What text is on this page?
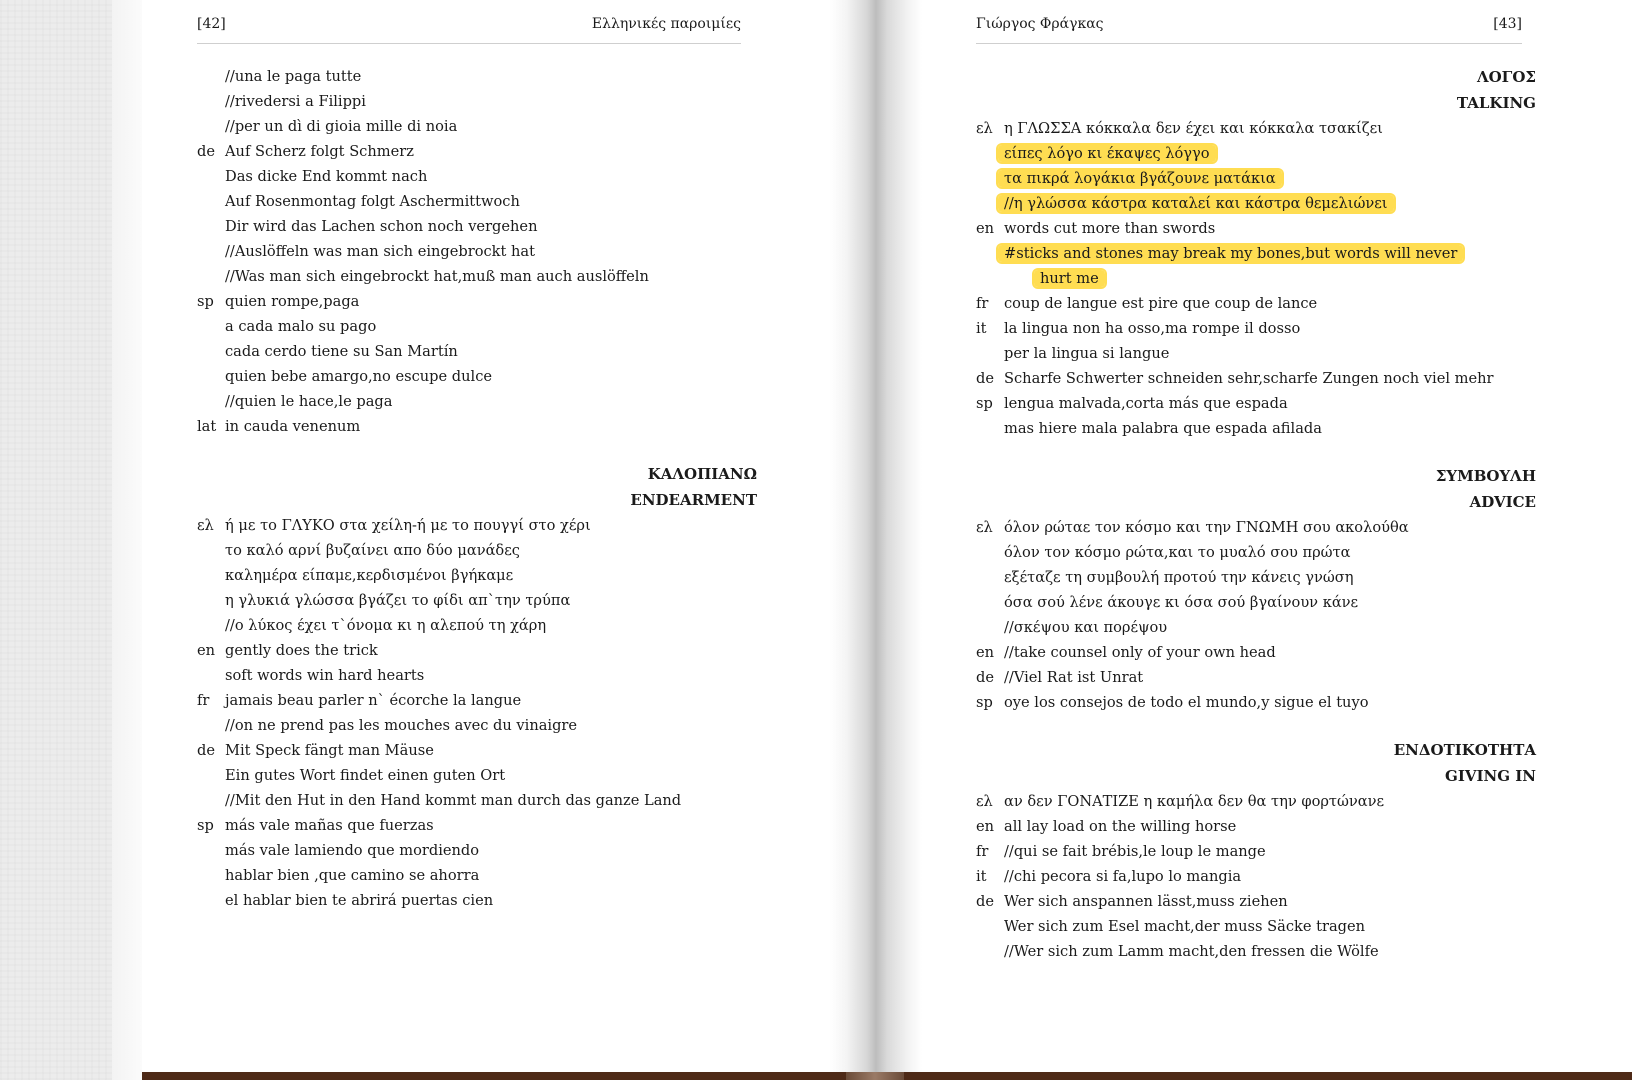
[42]	Ελληνικές παροιμίες
//una le paga tutte
//rivedersi a Filippi
//per un dì di gioia mille di noia
de Auf Scherz folgt Schmerz
Das dicke End kommt nach
Auf Rosenmontag folgt Aschermittwoch
Dir wird das Lachen schon noch vergehen
//Auslöffeln was man sich eingebrockt hat
//Was man sich eingebrockt hat,muß man auch auslöffeln
sp quien rompe,paga
a cada malo su pago
cada cerdo tiene su San Martín
quien bebe amargo,no escupe dulce
//quien le hace,le paga
lat in cauda venenum
ΚΑΛΟΠΙΑΝΩ
ENDEARMENT
ελ ή με το ΓΛΥΚΟ στα χείλη-ή με το πουγγί στο χέρι
το καλό αρνί βυζαίνει απο δύο μανάδες
καλημέρα είπαμε,κερδισμένοι βγήκαμε
η γλυκιά γλώσσα βγάζει το φίδι απ`την τρύπα
//ο λύκος έχει τ`όνομα κι η αλεπού τη χάρη
en gently does the trick
soft words win hard hearts
fr jamais beau parler n` écorche la langue
//on ne prend pas les mouches avec du vinaigre
de Mit Speck fängt man Mäuse
Ein gutes Wort findet einen guten Ort
//Mit den Hut in den Hand kommt man durch das ganze Land
sp más vale mañas que fuerzas
más vale lamiendo que mordiendo
hablar bien ,que camino se ahorra
el hablar bien te abrirá puertas cien
Γιώργος Φράγκας	[43]
ΛΟΓΟΣ
TALKING
ελ η ΓΛΩΣΣΑ κόκκαλα δεν έχει και κόκκαλα τσακίζει
είπες λόγο κι έκαψες λόγγο
τα πικρά λογάκια βγάζουνε ματάκια
//η γλώσσα κάστρα καταλεί και κάστρα θεμελιώνει
en words cut more than swords
#sticks and stones may break my bones,but words will never
hurt me
fr coup de langue est pire que coup de lance
it la lingua non ha osso,ma rompe il dosso
per la lingua si langue
de Scharfe Schwerter schneiden sehr,scharfe Zungen noch viel mehr
sp lengua malvada,corta más que espada
mas hiere mala palabra que espada afilada
ΣΥΜΒΟΥΛΗ
ADVICE
ελ όλον ρώταε τον κόσμο και την ΓΝΩΜΗ σου ακολούθα
όλον τον κόσμο ρώτα,και το μυαλό σου πρώτα
εξέταζε τη συμβουλή προτού την κάνεις γνώση
όσα σού λένε άκουγε κι όσα σού βγαίνουν κάνε
//σκέψου και πορέψου
en //take counsel only of your own head
de //Viel Rat ist Unrat
sp oye los consejos de todo el mundo,y sigue el tuyo
ΕΝΔΟΤΙΚΟΤΗΤΑ
GIVING IN
ελ αν δεν ΓΟΝΑΤΙΖΕ η καμήλα δεν θα την φορτώνανε
en all lay load on the willing horse
fr //qui se fait brébis,le loup le mange
it //chi pecora si fa,lupo lo mangia
de Wer sich anspannen lässt,muss ziehen
Wer sich zum Esel macht,der muss Säcke tragen
//Wer sich zum Lamm macht,den fressen die Wölfe
